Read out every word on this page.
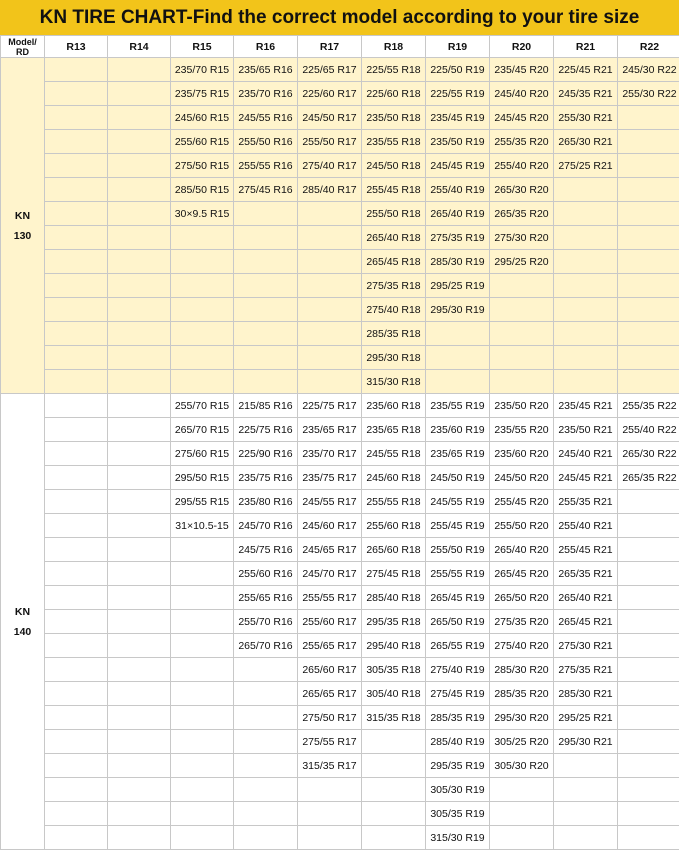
KN TIRE CHART-Find the correct model according to your tire size
Model/
RD	R13	R14	R15	R16	R17	R18	R19	R20	R21	R22
KN
130			235/70 R15	235/65 R16	225/65 R17	225/55 R18	225/50 R19	235/45 R20	225/45 R21	245/30 R22
			235/75 R15	235/70 R16	225/60 R17	225/60 R18	225/55 R19	245/40 R20	245/35 R21	255/30 R22
			245/60 R15	245/55 R16	245/50 R17	235/50 R18	235/45 R19	245/45 R20	255/30 R21	
			255/60 R15	255/50 R16	255/50 R17	235/55 R18	235/50 R19	255/35 R20	265/30 R21	
			275/50 R15	255/55 R16	275/40 R17	245/50 R18	245/45 R19	255/40 R20	275/25 R21	
			285/50 R15	275/45 R16	285/40 R17	255/45 R18	255/40 R19	265/30 R20		
			30×9.5 R15			255/50 R18	265/40 R19	265/35 R20		
						265/40 R18	275/35 R19	275/30 R20		
						265/45 R18	285/30 R19	295/25 R20		
						275/35 R18	295/25 R19			
						275/40 R18	295/30 R19			
						285/35 R18				
						295/30 R18				
						315/30 R18				
KN
140			255/70 R15	215/85 R16	225/75 R17	235/60 R18	235/55 R19	235/50 R20	235/45 R21	255/35 R22
			265/70 R15	225/75 R16	235/65 R17	235/65 R18	235/60 R19	235/55 R20	235/50 R21	255/40 R22
			275/60 R15	225/90 R16	235/70 R17	245/55 R18	235/65 R19	235/60 R20	245/40 R21	265/30 R22
			295/50 R15	235/75 R16	235/75 R17	245/60 R18	245/50 R19	245/50 R20	245/45 R21	265/35 R22
			295/55 R15	235/80 R16	245/55 R17	255/55 R18	245/55 R19	255/45 R20	255/35 R21	
			31×10.5-15	245/70 R16	245/60 R17	255/60 R18	255/45 R19	255/50 R20	255/40 R21	
				245/75 R16	245/65 R17	265/60 R18	255/50 R19	265/40 R20	255/45 R21	
				255/60 R16	245/70 R17	275/45 R18	255/55 R19	265/45 R20	265/35 R21	
				255/65 R16	255/55 R17	285/40 R18	265/45 R19	265/50 R20	265/40 R21	
				255/70 R16	255/60 R17	295/35 R18	265/50 R19	275/35 R20	265/45 R21	
				265/70 R16	255/65 R17	295/40 R18	265/55 R19	275/40 R20	275/30 R21	
					265/60 R17	305/35 R18	275/40 R19	285/30 R20	275/35 R21	
					265/65 R17	305/40 R18	275/45 R19	285/35 R20	285/30 R21	
					275/50 R17	315/35 R18	285/35 R19	295/30 R20	295/25 R21	
					275/55 R17		285/40 R19	305/25 R20	295/30 R21	
					315/35 R17		295/35 R19	305/30 R20		
							305/30 R19			
							305/35 R19			
							315/30 R19			
